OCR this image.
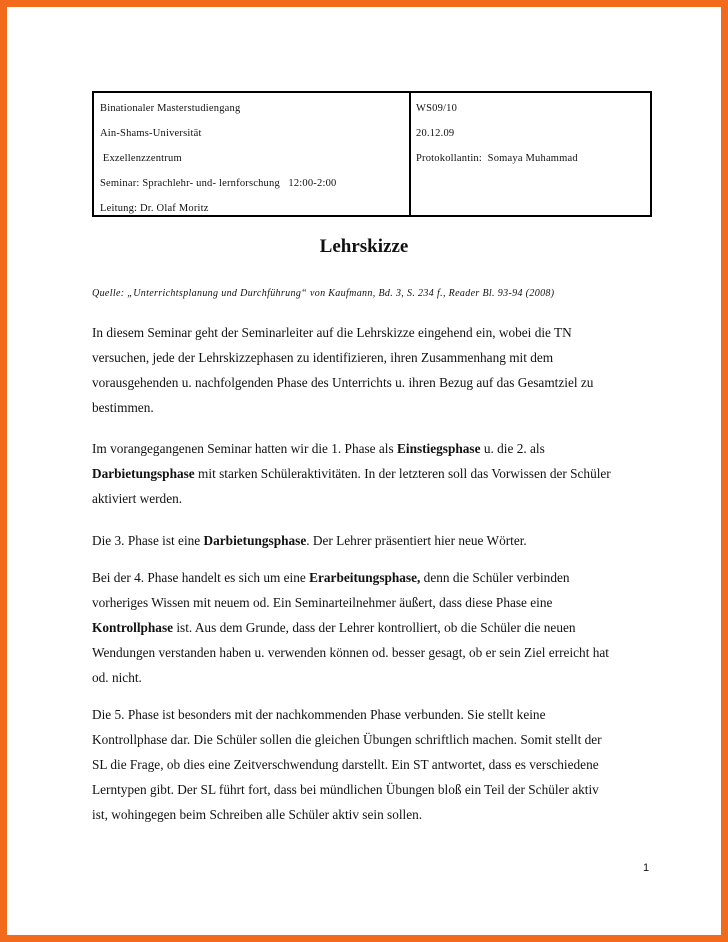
Binationaler Masterstudiengang
Ain-Shams-Universität
Exzellenzzentrum
Seminar: Sprachlehr- und- lernforschung   12:00-2:00
Leitung: Dr. Olaf Moritz
WS09/10
20.12.09
Protokollantin:  Somaya Muhammad
Lehrskizze
Quelle: „Unterrichtsplanung und Durchführung“ von Kaufmann, Bd. 3, S. 234 f., Reader Bl. 93-94 (2008)
In diesem Seminar geht der Seminarleiter auf die Lehrskizze eingehend ein, wobei die TN
versuchen, jede der Lehrskizzephasen zu identifizieren, ihren Zusammenhang mit dem
vorausgehenden u. nachfolgenden Phase des Unterrichts u. ihren Bezug auf das Gesamtziel zu
bestimmen.
Im vorangegangenen Seminar hatten wir die 1. Phase als Einstiegsphase u. die 2. als
Darbietungsphase mit starken Schüleraktivitäten. In der letzteren soll das Vorwissen der Schüler
aktiviert werden.
Die 3. Phase ist eine Darbietungsphase. Der Lehrer präsentiert hier neue Wörter.
Bei der 4. Phase handelt es sich um eine Erarbeitungsphase, denn die Schüler verbinden
vorheriges Wissen mit neuem od. Ein Seminarteilnehmer äußert, dass diese Phase eine
Kontrollphase ist. Aus dem Grunde, dass der Lehrer kontrolliert, ob die Schüler die neuen
Wendungen verstanden haben u. verwenden können od. besser gesagt, ob er sein Ziel erreicht hat
od. nicht.
Die 5. Phase ist besonders mit der nachkommenden Phase verbunden. Sie stellt keine
Kontrollphase dar. Die Schüler sollen die gleichen Übungen schriftlich machen. Somit stellt der
SL die Frage, ob dies eine Zeitverschwendung darstellt. Ein ST antwortet, dass es verschiedene
Lerntypen gibt. Der SL führt fort, dass bei mündlichen Übungen bloß ein Teil der Schüler aktiv
ist, wohingegen beim Schreiben alle Schüler aktiv sein sollen.
1
